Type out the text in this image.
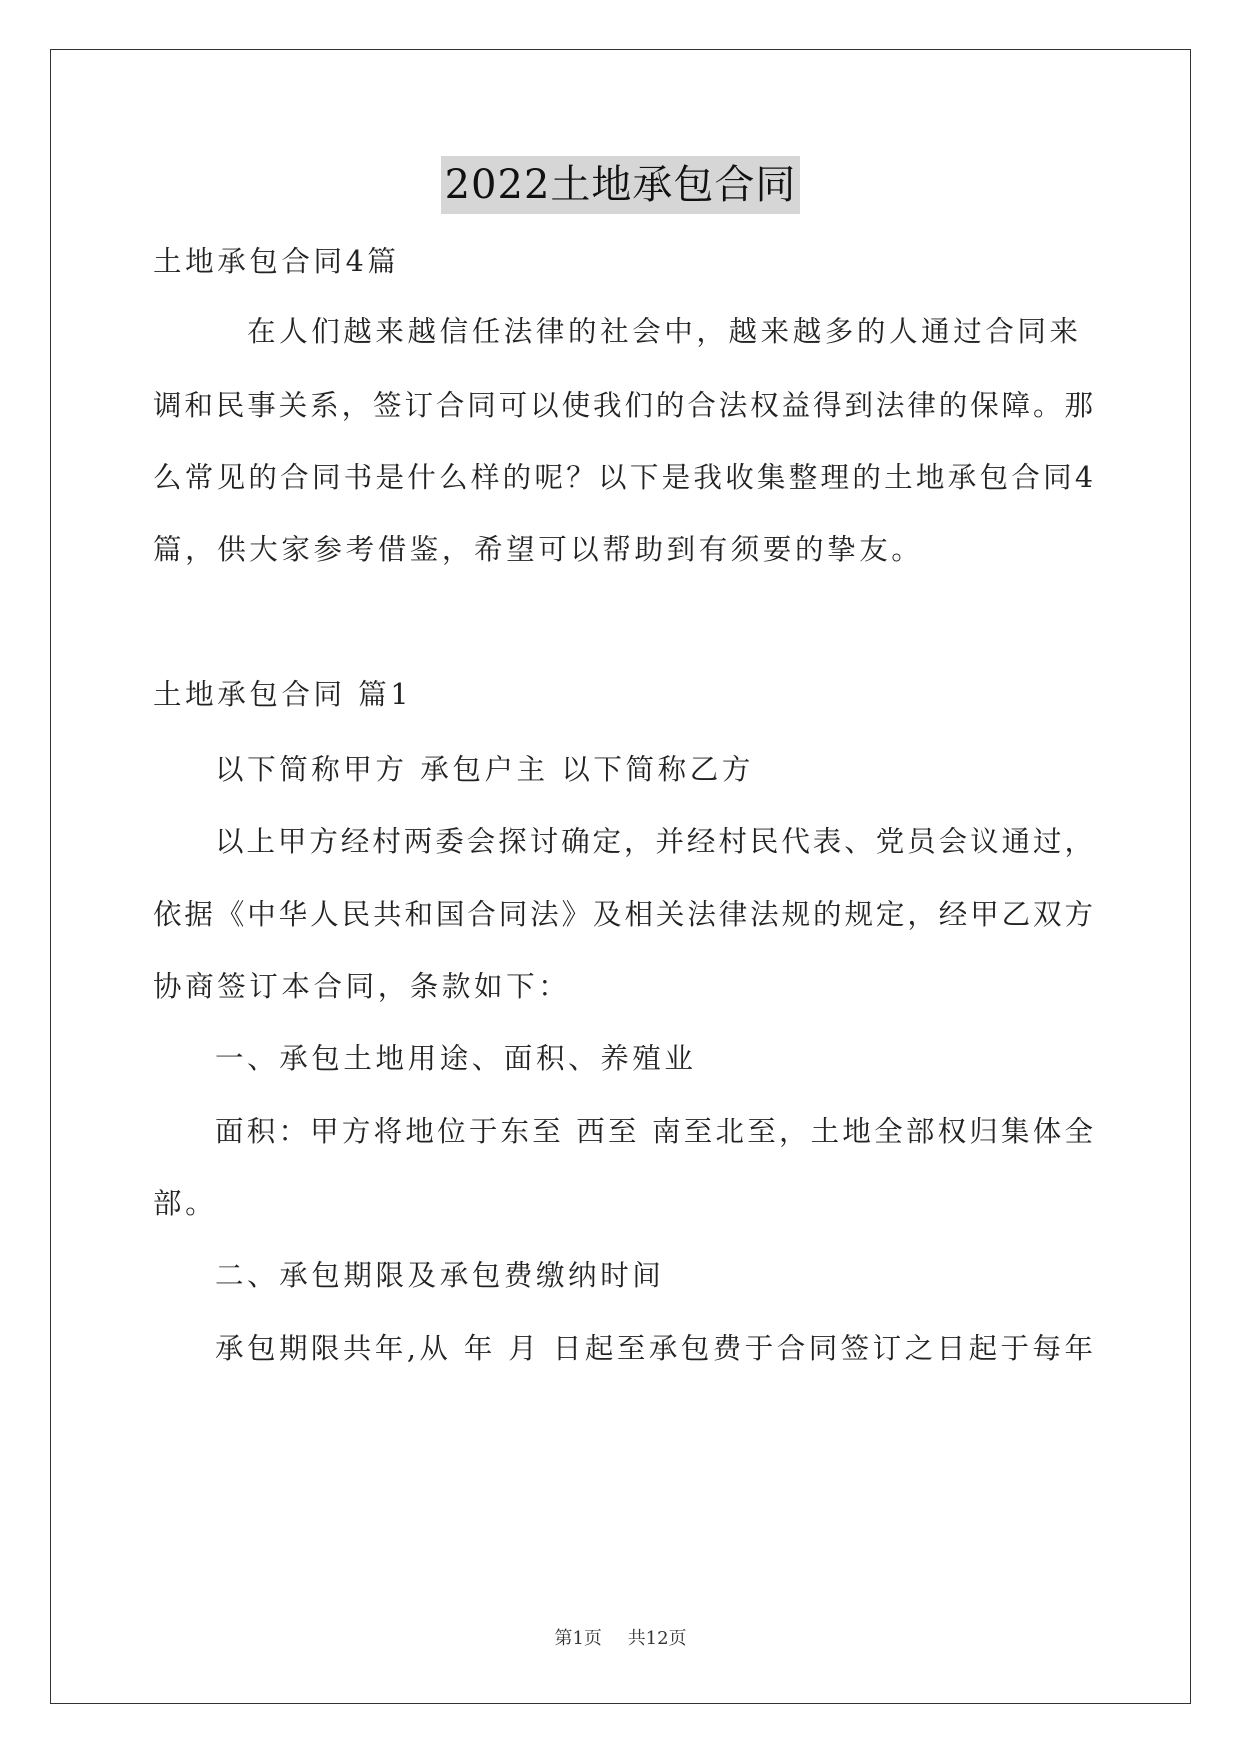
2022土地承包合同
土地承包合同4篇
在人们越来越信任法律的社会中，越来越多的人通过合同来
调和民事关系，签订合同可以使我们的合法权益得到法律的保障。那
么常见的合同书是什么样的呢？以下是我收集整理的土地承包合同4
篇，供大家参考借鉴，希望可以帮助到有须要的挚友。
土地承包合同 篇1
以下简称甲方 承包户主 以下简称乙方
以上甲方经村两委会探讨确定，并经村民代表、党员会议通过，
依据《中华人民共和国合同法》及相关法律法规的规定，经甲乙双方
协商签订本合同，条款如下：
一、承包土地用途、面积、养殖业
面积：甲方将地位于东至 西至 南至北至，土地全部权归集体全
部。
二、承包期限及承包费缴纳时间
承包期限共年,从 年 月 日起至承包费于合同签订之日起于每年
第1页 共12页
